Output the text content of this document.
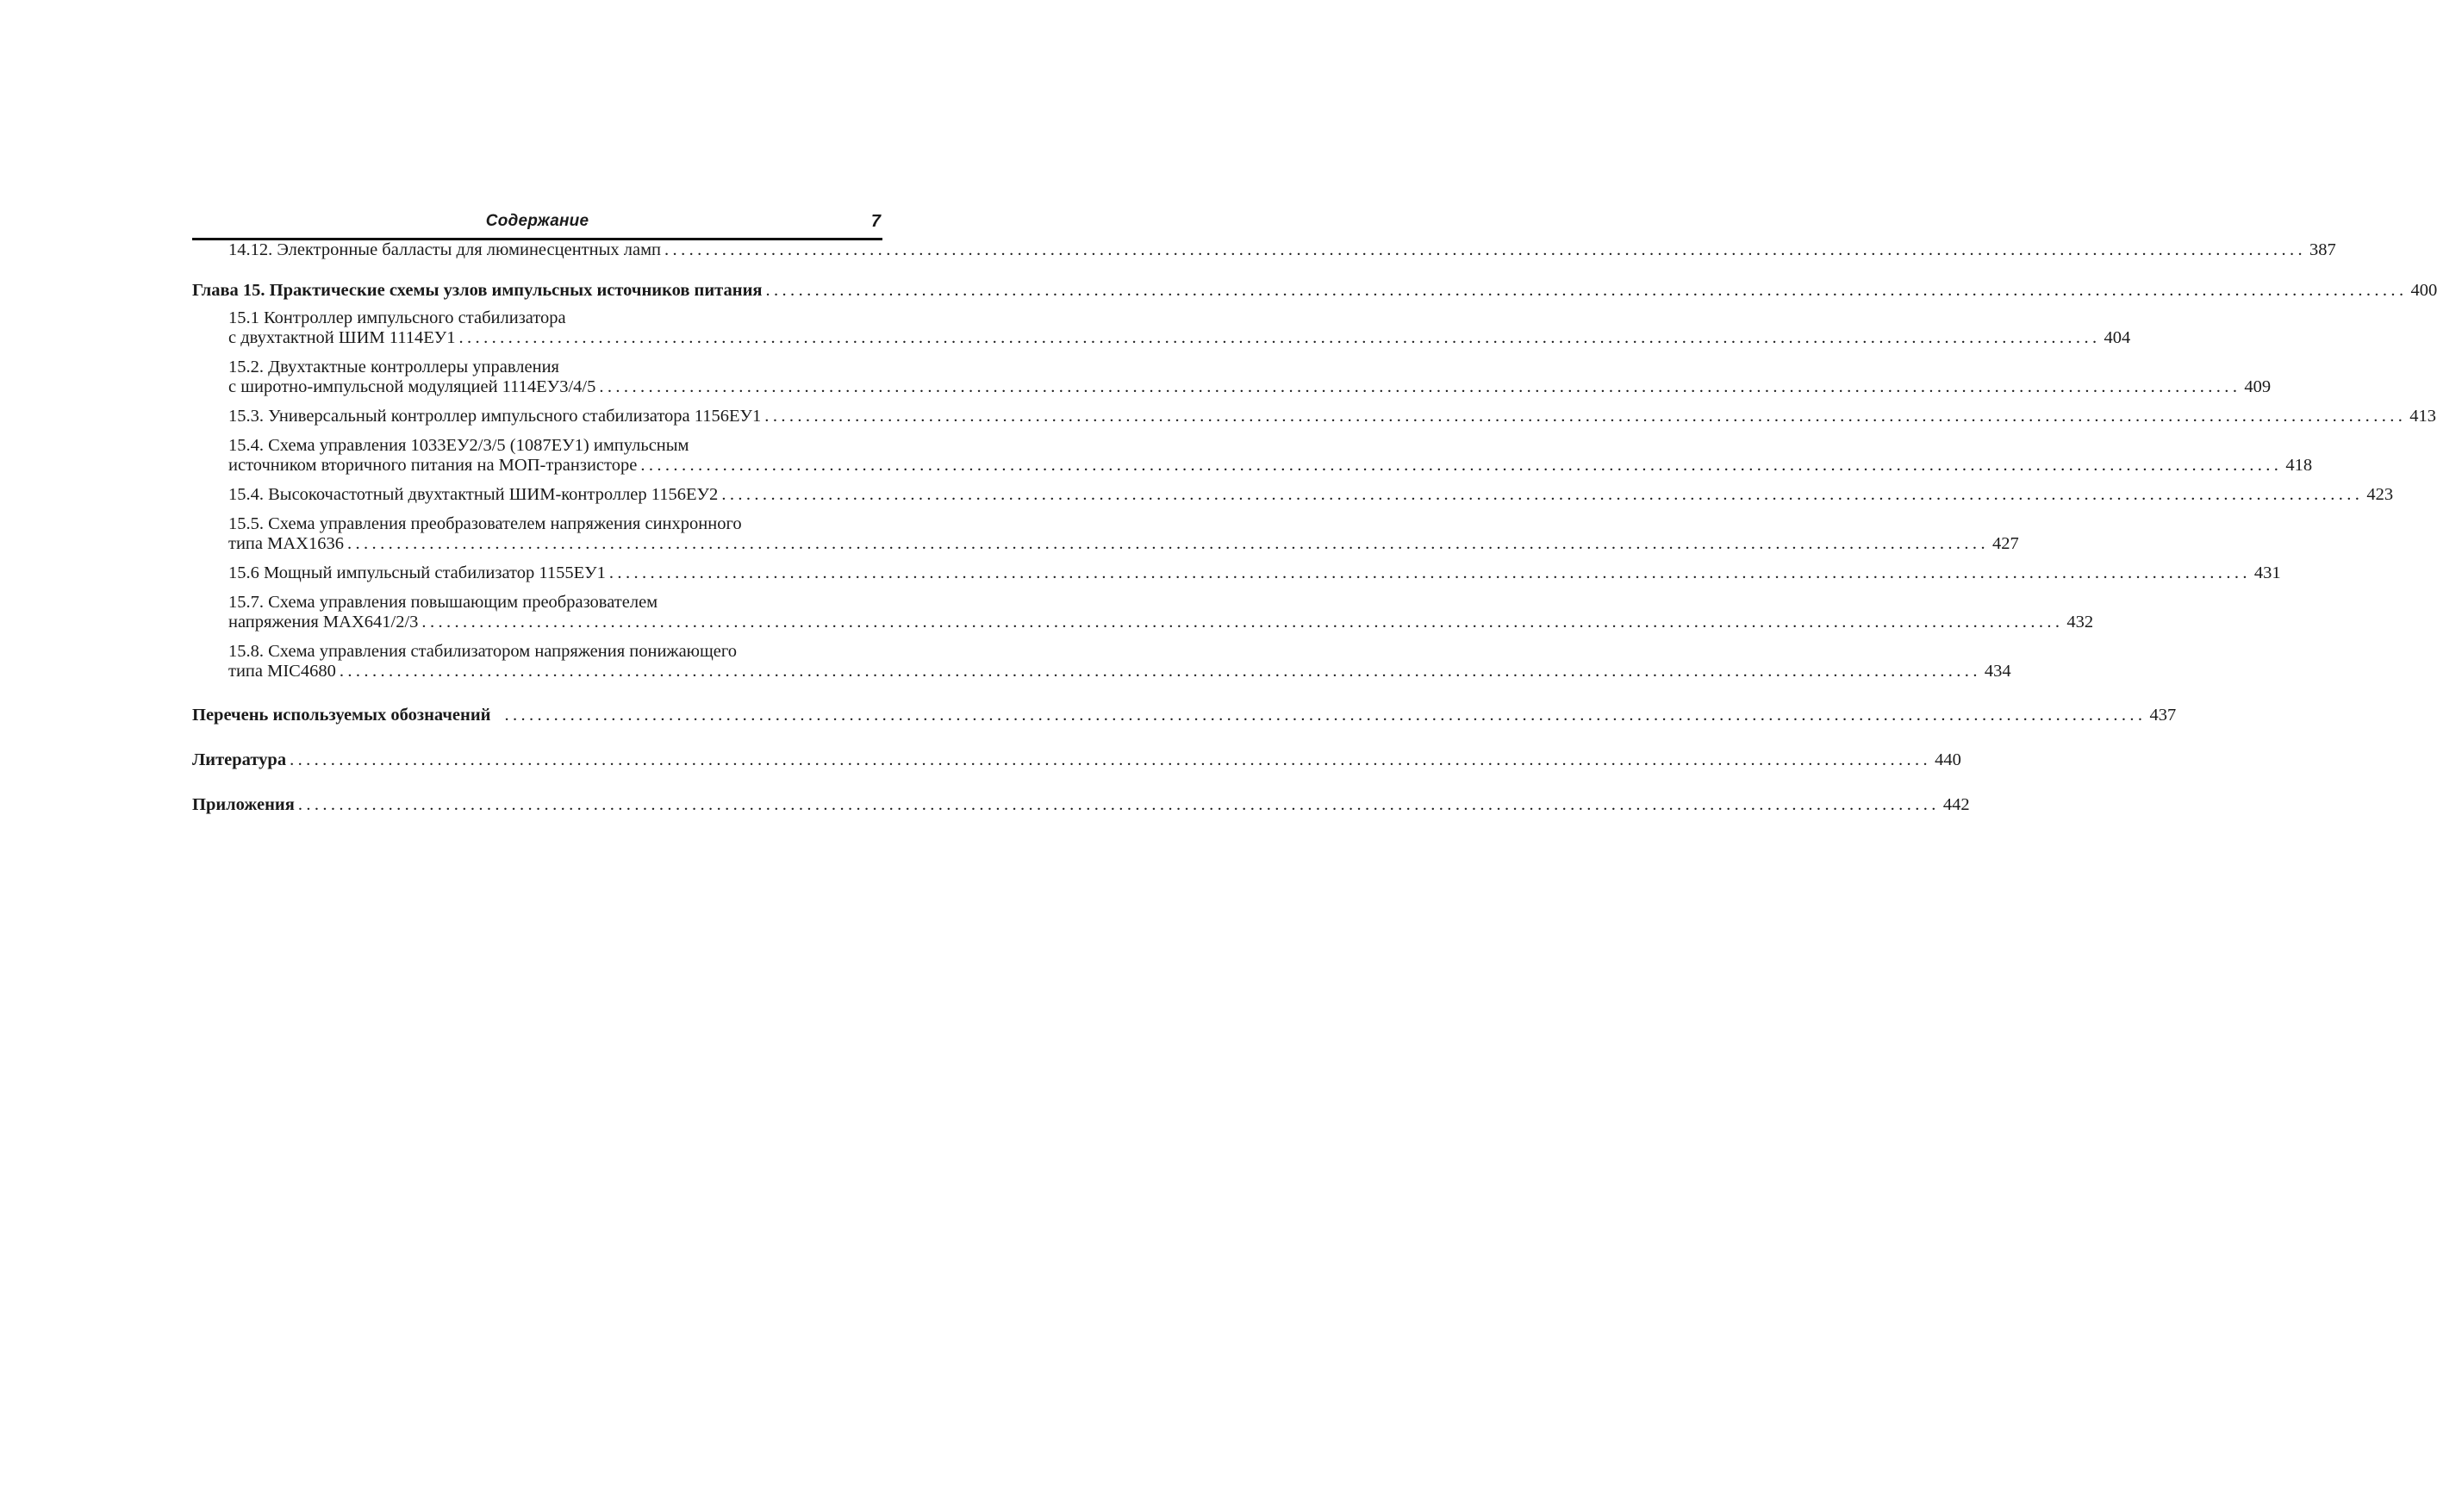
Содержание	7
14.12. Электронные балласты для люминесцентных ламп ........................................................................................................................................................................................................ 387
Глава 15. Практические схемы узлов импульсных источников питания ........................................................................................................................................................................................................ 400
15.1 Контроллер импульсного стабилизатора
с двухтактной ШИМ 1114ЕУ1 ........................................................................................................................................................................................................ 404
15.2. Двухтактные контроллеры управления
с широтно-импульсной модуляцией 1114ЕУ3/4/5 ........................................................................................................................................................................................................ 409
15.3. Универсальный контроллер импульсного стабилизатора 1156ЕУ1 ........................................................................................................................................................................................................ 413
15.4. Схема управления 1033ЕУ2/3/5 (1087ЕУ1) импульсным
источником вторичного питания на МОП-транзисторе ........................................................................................................................................................................................................ 418
15.4. Высокочастотный двухтактный ШИМ-контроллер 1156ЕУ2 ........................................................................................................................................................................................................ 423
15.5. Схема управления преобразователем напряжения синхронного
типа MAX1636 ........................................................................................................................................................................................................ 427
15.6 Мощный импульсный стабилизатор 1155ЕУ1 ........................................................................................................................................................................................................ 431
15.7. Схема управления повышающим преобразователем
напряжения MAX641/2/3 ........................................................................................................................................................................................................ 432
15.8. Схема управления стабилизатором напряжения понижающего
типа MIC4680 ........................................................................................................................................................................................................ 434
Перечень используемых обозначений ........................................................................................................................................................................................................ 437
Литература ........................................................................................................................................................................................................ 440
Приложения ........................................................................................................................................................................................................ 442
